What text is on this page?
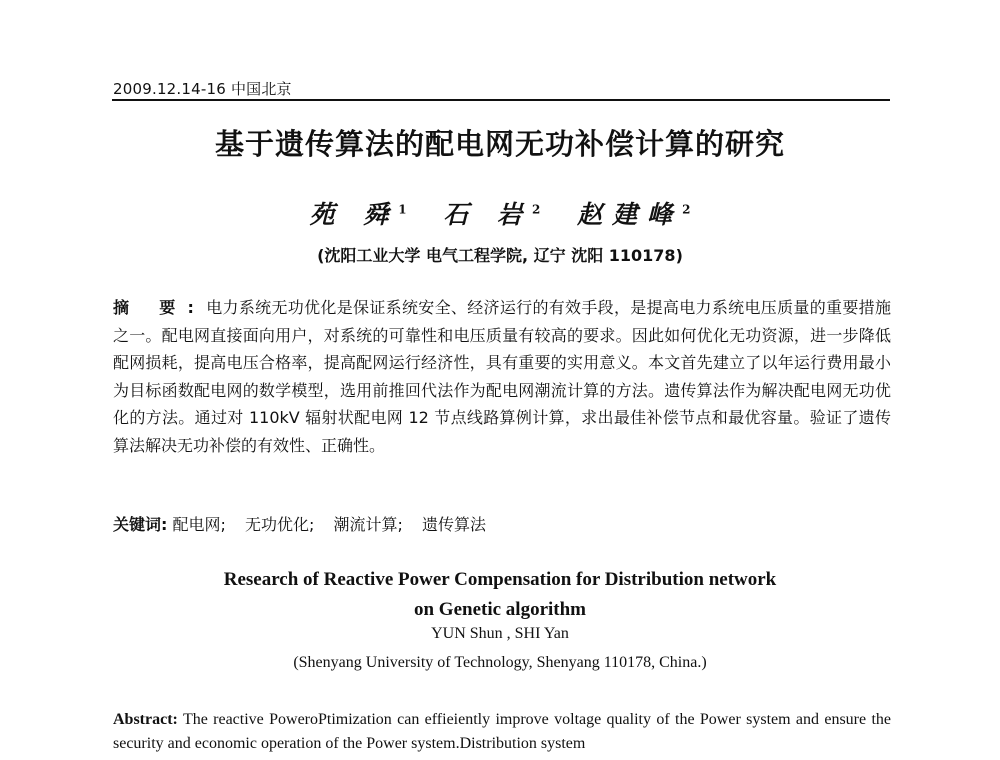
2009.12.14-16 中国北京
基于遗传算法的配电网无功补偿计算的研究
苑 舜$^1$ 石 岩$^2$ 赵建峰$^2$
(沈阳工业大学 电气工程学院, 辽宁 沈阳 110178)
摘 要:电力系统无功优化是保证系统安全、经济运行的有效手段，是提高电力系统电压质量的重要措施之一。配电网直接面向用户，对系统的可靠性和电压质量有较高的要求。因此如何优化无功资源，进一步降低配网损耗，提高电压合格率，提高配网运行经济性，具有重要的实用意义。本文首先建立了以年运行费用最小为目标函数配电网的数学模型，选用前推回代法作为配电网潮流计算的方法。遗传算法作为解决配电网无功优化的方法。通过对 110kV 辐射状配电网 12 节点线路算例计算，求出最佳补偿节点和最优容量。验证了遗传算法解决无功补偿的有效性、正确性。
关键词: 配电网; 无功优化; 潮流计算; 遗传算法
Research of Reactive Power Compensation for Distribution network
on Genetic algorithm
YUN Shun , SHI Yan
(Shenyang University of Technology, Shenyang 110178, China.)
Abstract: The reactive PoweroPtimization can effieiently improve voltage quality of the Power system and ensure the security and economic operation of the Power system.Distribution system
